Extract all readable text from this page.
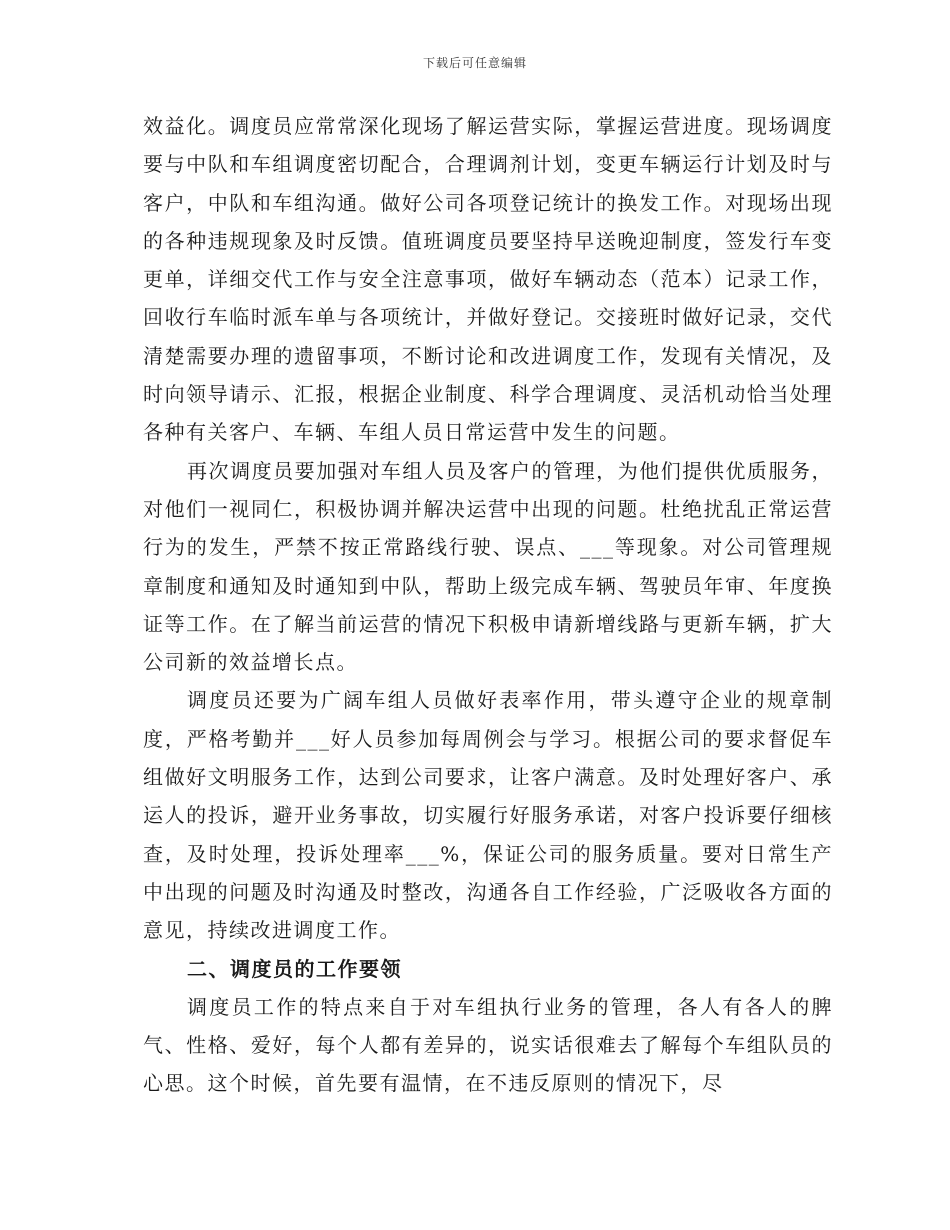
下载后可任意编辑

效益化。调度员应常常深化现场了解运营实际，掌握运营进度。现场调度要与中队和车组调度密切配合，合理调剂计划，变更车辆运行计划及时与客户，中队和车组沟通。做好公司各项登记统计的换发工作。对现场出现的各种违规现象及时反馈。值班调度员要坚持早送晚迎制度，签发行车变更单，详细交代工作与安全注意事项，做好车辆动态（范本）记录工作，回收行车临时派车单与各项统计，并做好登记。交接班时做好记录，交代清楚需要办理的遗留事项，不断讨论和改进调度工作，发现有关情况，及时向领导请示、汇报，根据企业制度、科学合理调度、灵活机动恰当处理各种有关客户、车辆、车组人员日常运营中发生的问题。

再次调度员要加强对车组人员及客户的管理，为他们提供优质服务，对他们一视同仁，积极协调并解决运营中出现的问题。杜绝扰乱正常运营行为的发生，严禁不按正常路线行驶、误点、___等现象。对公司管理规章制度和通知及时通知到中队，帮助上级完成车辆、驾驶员年审、年度换证等工作。在了解当前运营的情况下积极申请新增线路与更新车辆，扩大公司新的效益增长点。

调度员还要为广阔车组人员做好表率作用，带头遵守企业的规章制度，严格考勤并___好人员参加每周例会与学习。根据公司的要求督促车组做好文明服务工作，达到公司要求，让客户满意。及时处理好客户、承运人的投诉，避开业务事故，切实履行好服务承诺，对客户投诉要仔细核查，及时处理，投诉处理率___%，保证公司的服务质量。要对日常生产中出现的问题及时沟通及时整改，沟通各自工作经验，广泛吸收各方面的意见，持续改进调度工作。

二、调度员的工作要领

调度员工作的特点来自于对车组执行业务的管理，各人有各人的脾气、性格、爱好，每个人都有差异的，说实话很难去了解每个车组队员的心思。这个时候，首先要有温情，在不违反原则的情况下，尽
